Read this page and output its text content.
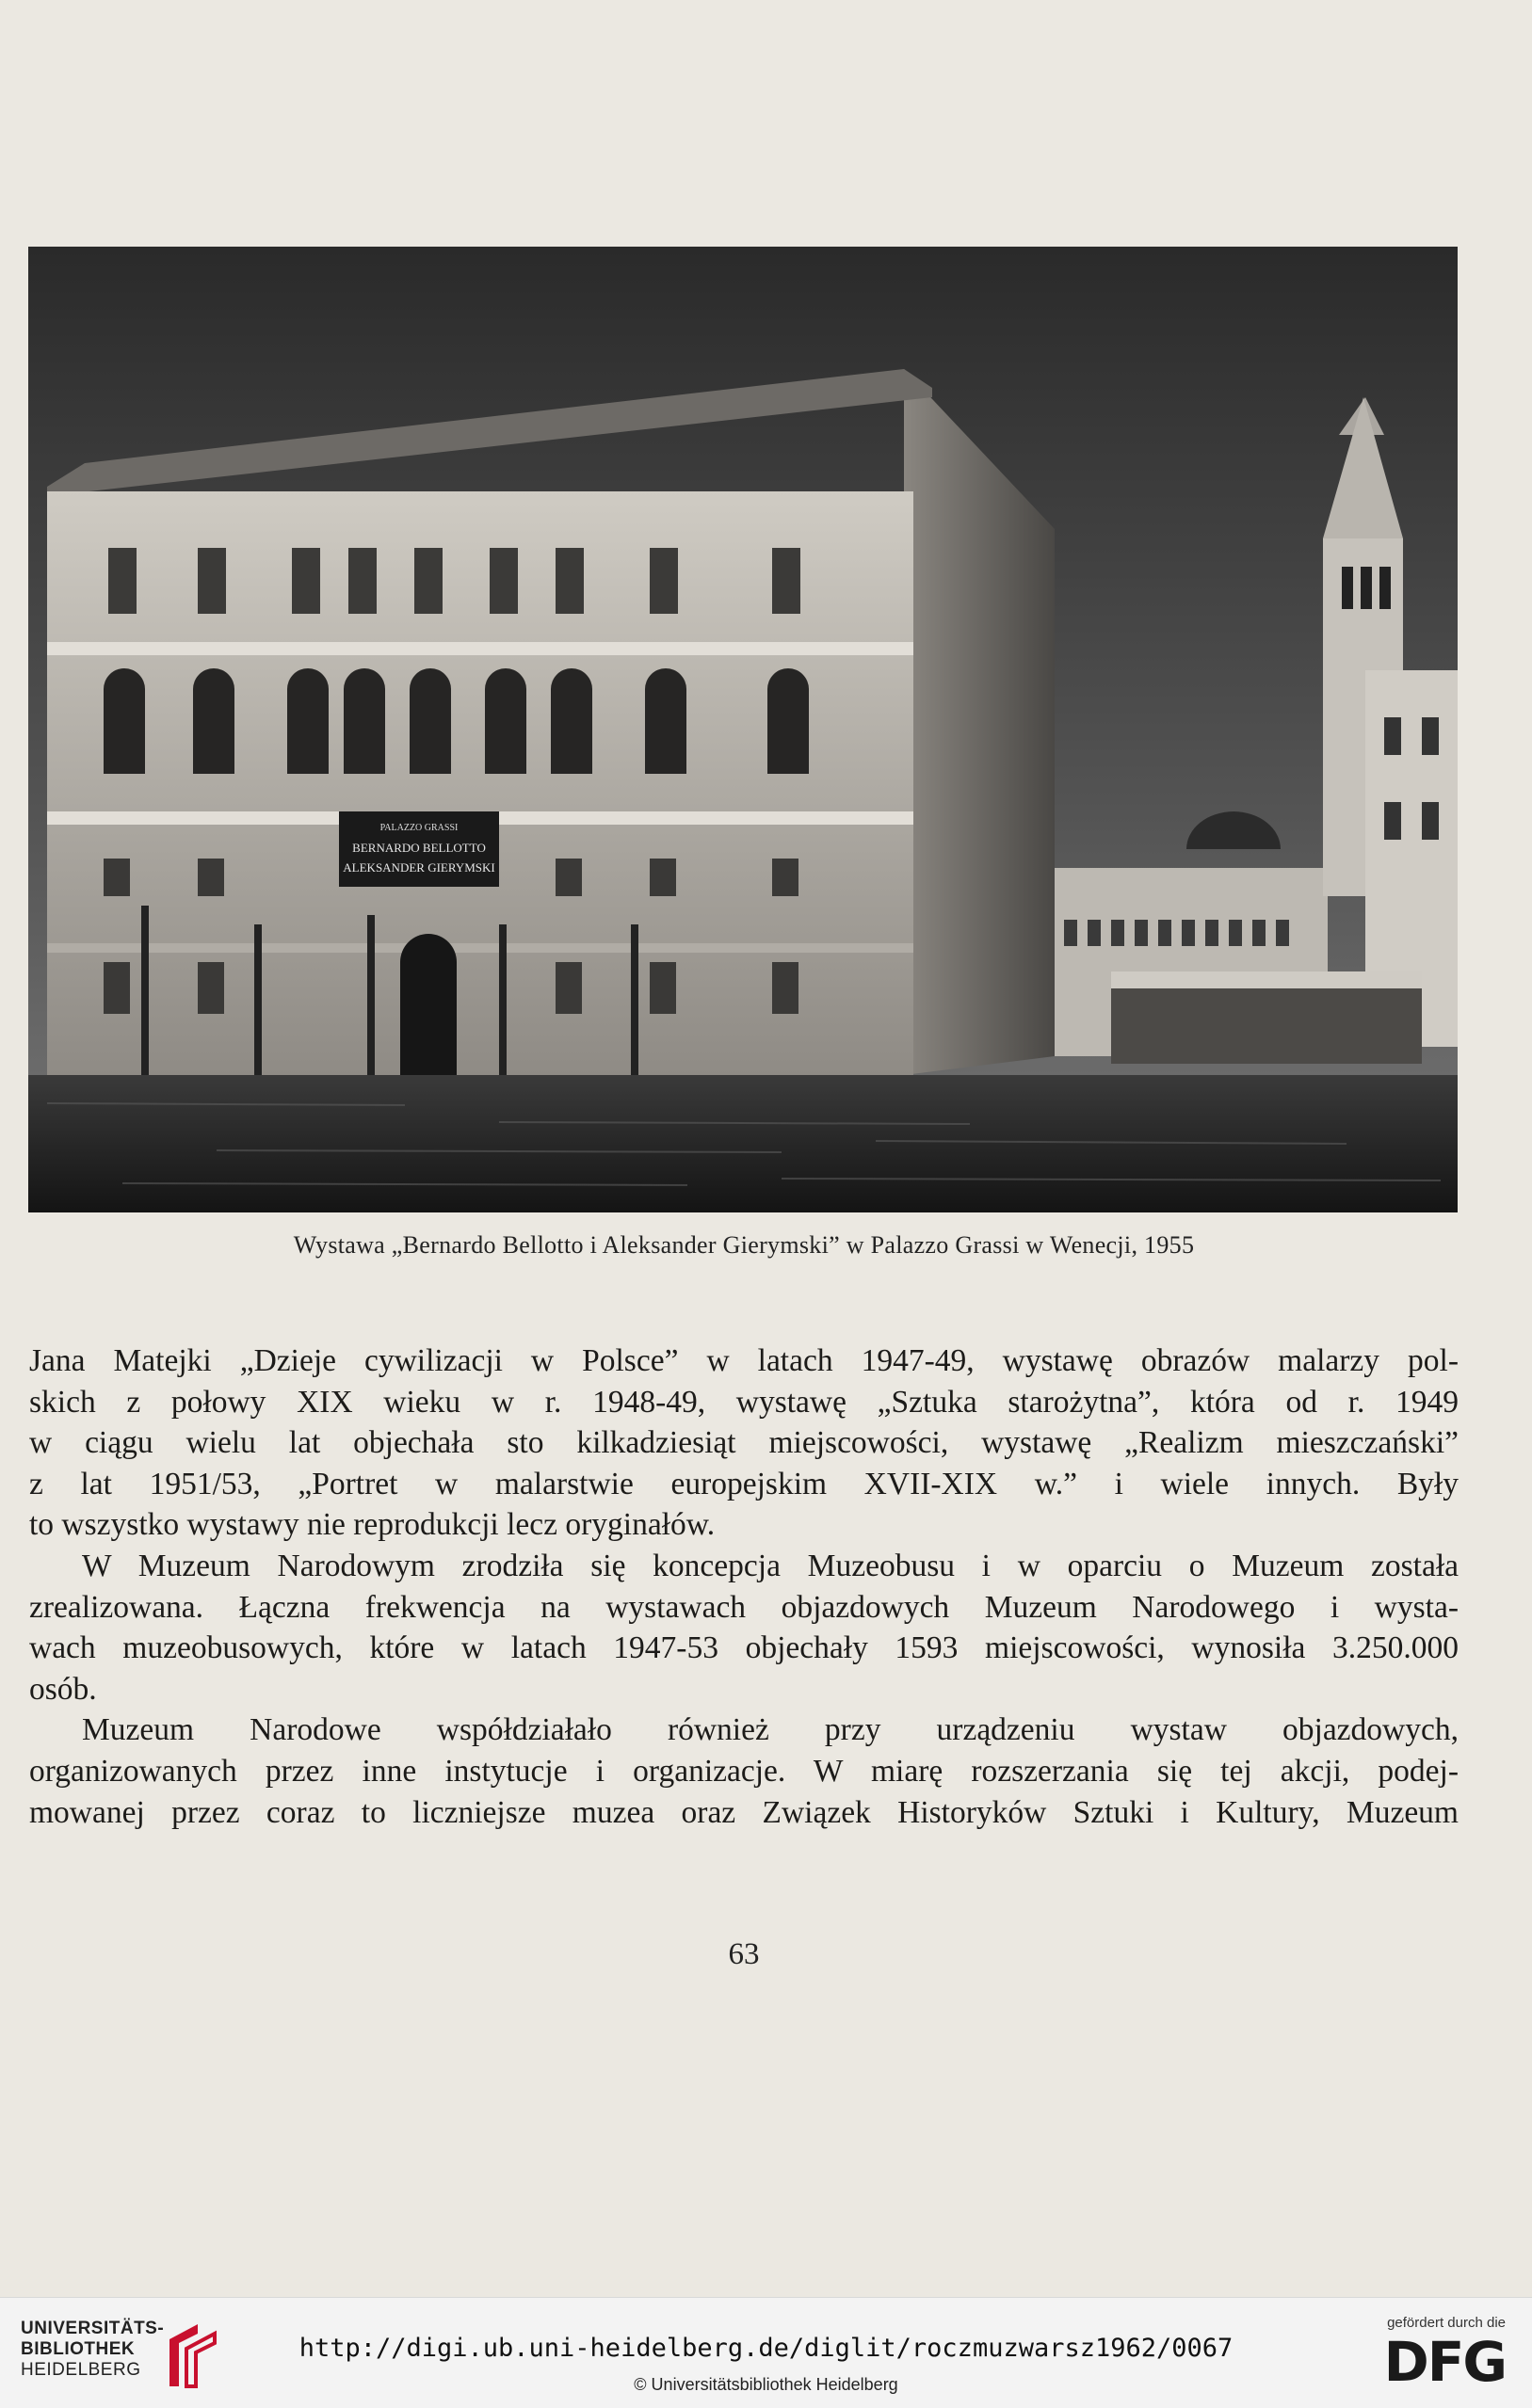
PALAZZO GRASSI
BERNARDO BELLOTTO
ALEKSANDER GIERYMSKI
Wystawa „Bernardo Bellotto i Aleksander Gierymski” w Palazzo Grassi w Wenecji, 1955

Jana Matejki „Dzieje cywilizacji w Polsce” w latach 1947-49, wystawę obrazów malarzy pol-
skich z połowy XIX wieku w r. 1948-49, wystawę „Sztuka starożytna”, która od r. 1949
w ciągu wielu lat objechała sto kilkadziesiąt miejscowości, wystawę „Realizm mieszczański”
z lat 1951/53, „Portret w malarstwie europejskim XVII-XIX w.” i wiele innych. Były
to wszystko wystawy nie reprodukcji lecz oryginałów.

W Muzeum Narodowym zrodziła się koncepcja Muzeobusu i w oparciu o Muzeum została
zrealizowana. Łączna frekwencja na wystawach objazdowych Muzeum Narodowego i wysta-
wach muzeobusowych, które w latach 1947-53 objechały 1593 miejscowości, wynosiła 3.250.000
osób.

Muzeum Narodowe współdziałało również przy urządzeniu wystaw objazdowych,
organizowanych przez inne instytucje i organizacje. W miarę rozszerzania się tej akcji, podej-
mowanej przez coraz to liczniejsze muzea oraz Związek Historyków Sztuki i Kultury, Muzeum

63
UNIVERSITÄTS-
BIBLIOTHEK
HEIDELBERG
http://digi.ub.uni-heidelberg.de/diglit/roczmuzwarsz1962/0067
© Universitätsbibliothek Heidelberg
gefördert durch die
DFG
